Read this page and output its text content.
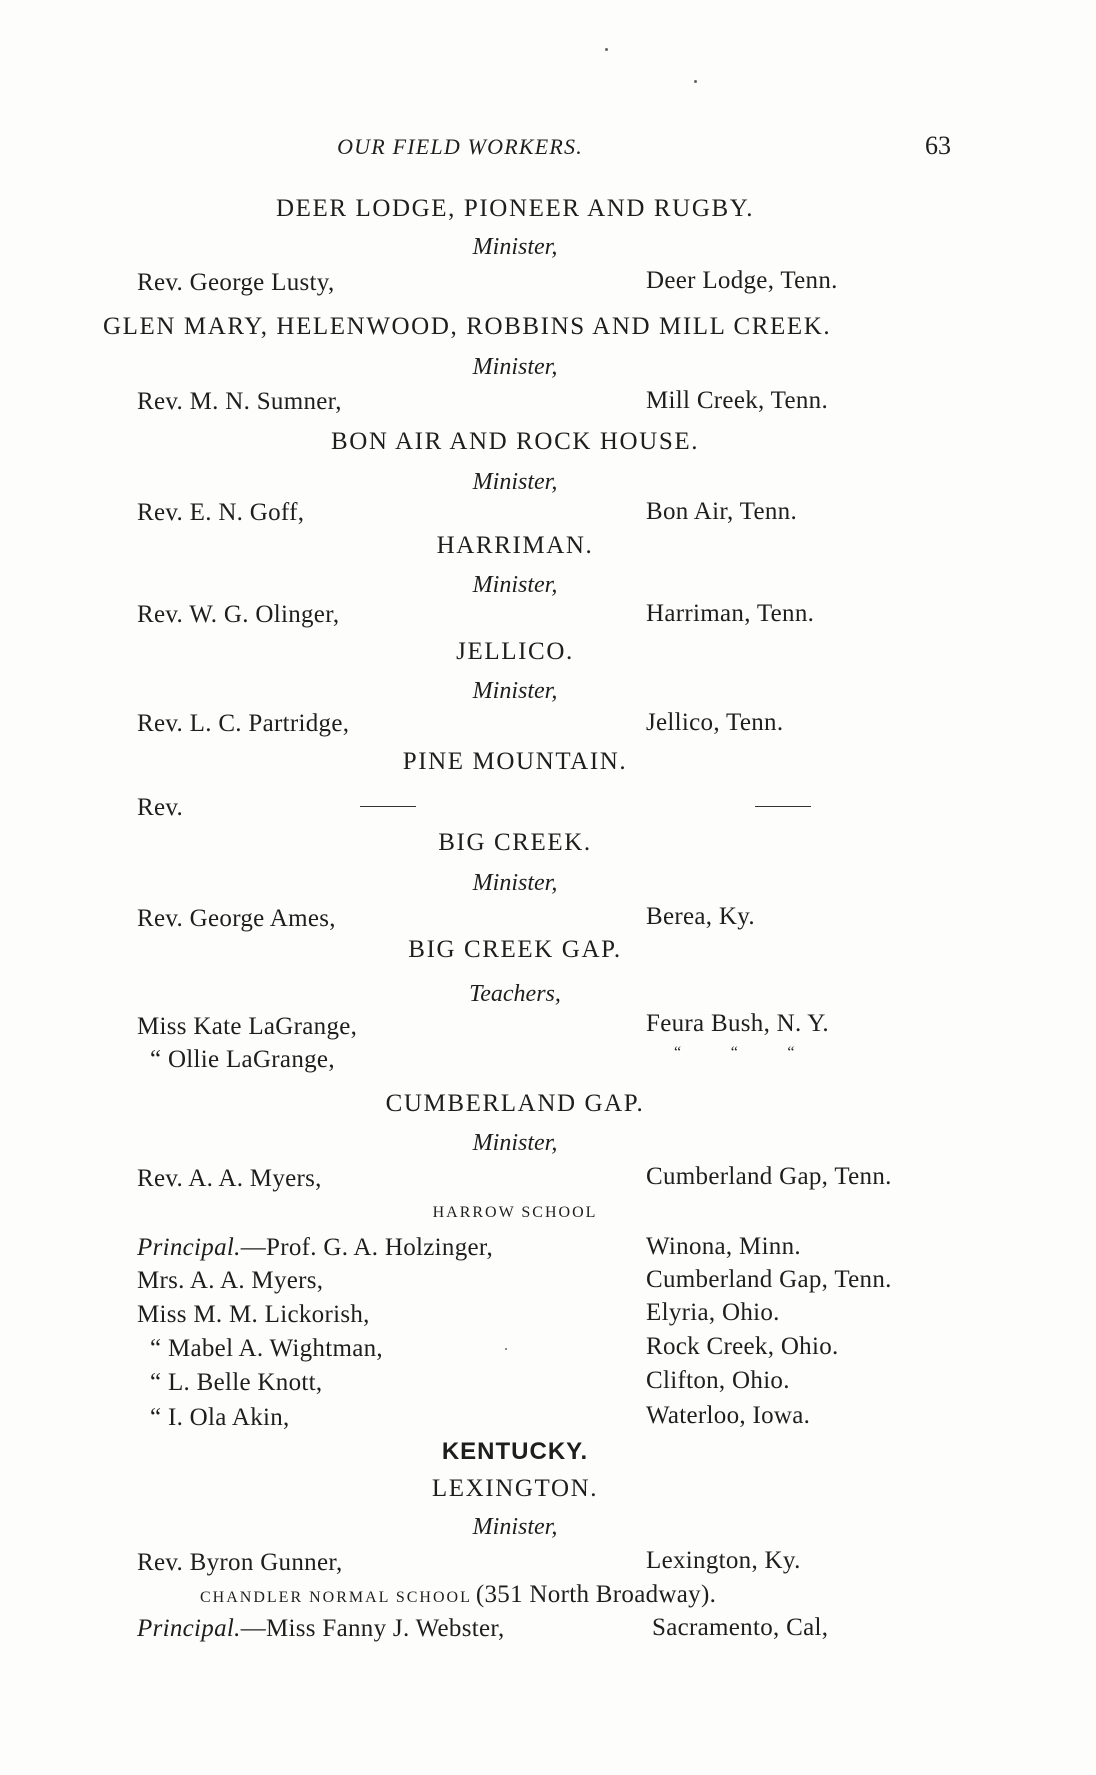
OUR FIELD WORKERS.	63
DEER LODGE, PIONEER AND RUGBY.
Minister,
Rev. George Lusty,	Deer Lodge, Tenn.
GLEN MARY, HELENWOOD, ROBBINS AND MILL CREEK.
Minister,
Rev. M. N. Sumner,	Mill Creek, Tenn.
BON AIR AND ROCK HOUSE.
Minister,
Rev. E. N. Goff,	Bon Air, Tenn.
HARRIMAN.
Minister,
Rev. W. G. Olinger,	Harriman, Tenn.
JELLICO.
Minister,
Rev. L. C. Partridge,	Jellico, Tenn.
PINE MOUNTAIN.
Rev.
BIG CREEK.
Minister,
Rev. George Ames,	Berea, Ky.
BIG CREEK GAP.
Teachers,
Miss Kate LaGrange,	Feura Bush, N. Y.
“ Ollie LaGrange,	“ “ “
CUMBERLAND GAP.
Minister,
Rev. A. A. Myers,	Cumberland Gap, Tenn.
HARROW SCHOOL
Principal.—Prof. G. A. Holzinger,	Winona, Minn.
Mrs. A. A. Myers,	Cumberland Gap, Tenn.
Miss M. M. Lickorish,	Elyria, Ohio.
“ Mabel A. Wightman,	Rock Creek, Ohio.
“ L. Belle Knott,	Clifton, Ohio.
“ I. Ola Akin,	Waterloo, Iowa.
KENTUCKY.
LEXINGTON.
Minister,
Rev. Byron Gunner,	Lexington, Ky.
CHANDLER NORMAL SCHOOL (351 North Broadway).
Principal.—Miss Fanny J. Webster,	Sacramento, Cal,
